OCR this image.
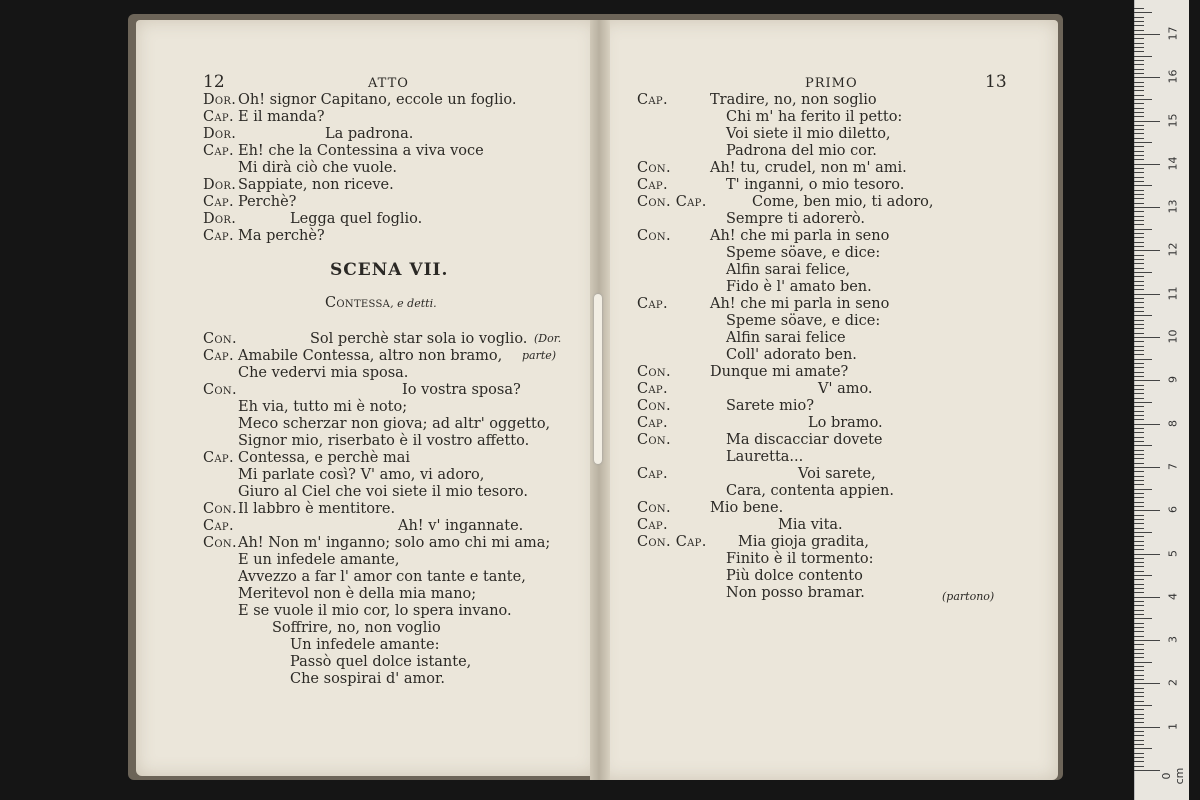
12	ATTO
Dor. Oh! signor Capitano, eccole un foglio.
Cap. E il manda?
Dor.	La padrona.
Cap. Eh! che la Contessina a viva voce
Mi dirà ciò che vuole.
Dor. Sappiate, non riceve.
Cap. Perchè?
Dor.	Legga quel foglio.
Cap. Ma perchè?
SCENA VII.
Contessa, e detti.
Con.	Sol perchè star sola io voglio.
Cap. Amabile Contessa, altro non bramo,
Che vedervi mia sposa.
Con.	Io vostra sposa?
Eh via, tutto mi è noto;
Meco scherzar non giova; ad altr' oggetto,
Signor mio, riserbato è il vostro affetto.
Cap. Contessa, e perchè mai
Mi parlate così? V' amo, vi adoro,
Giuro al Ciel che voi siete il mio tesoro.
Con. Il labbro è mentitore.
Cap.	Ah! v' ingannate.
Con. Ah! Non m' inganno; solo amo chi mi ama;
E un infedele amante,
Avvezzo a far l' amor con tante e tante,
Meritevol non è della mia mano;
E se vuole il mio cor, lo spera invano.
Soffrire, no, non voglio
Un infedele amante:
Passò quel dolce istante,
Che sospirai d' amor.
(Dor.
parte)
PRIMO	13
Cap.	Tradire, no, non soglio
Chi m' ha ferito il petto:
Voi siete il mio diletto,
Padrona del mio cor.
Con.	Ah! tu, crudel, non m' ami.
Cap.	T' inganni, o mio tesoro.
Con. Cap.	Come, ben mio, ti adoro,
Sempre ti adorerò.
Con.	Ah! che mi parla in seno
Speme söave, e dice:
Alfin sarai felice,
Fido è l' amato ben.
Cap.	Ah! che mi parla in seno
Speme söave, e dice:
Alfin sarai felice
Coll' adorato ben.
Con.	Dunque mi amate?
Cap.	V' amo.
Con.	Sarete mio?
Cap.	Lo bramo.
Con.	Ma discacciar dovete
Lauretta...
Cap.	Voi sarete,
Cara, contenta appien.
Con.	Mio bene.
Cap.	Mia vita.
Con. Cap. Mia gioja gradita,
Finito è il tormento:
Più dolce contento
Non posso bramar.	(partono)
0 cm
1
2
3
4
5
6
7
8
9
10
11
12
13
14
15
16
17
